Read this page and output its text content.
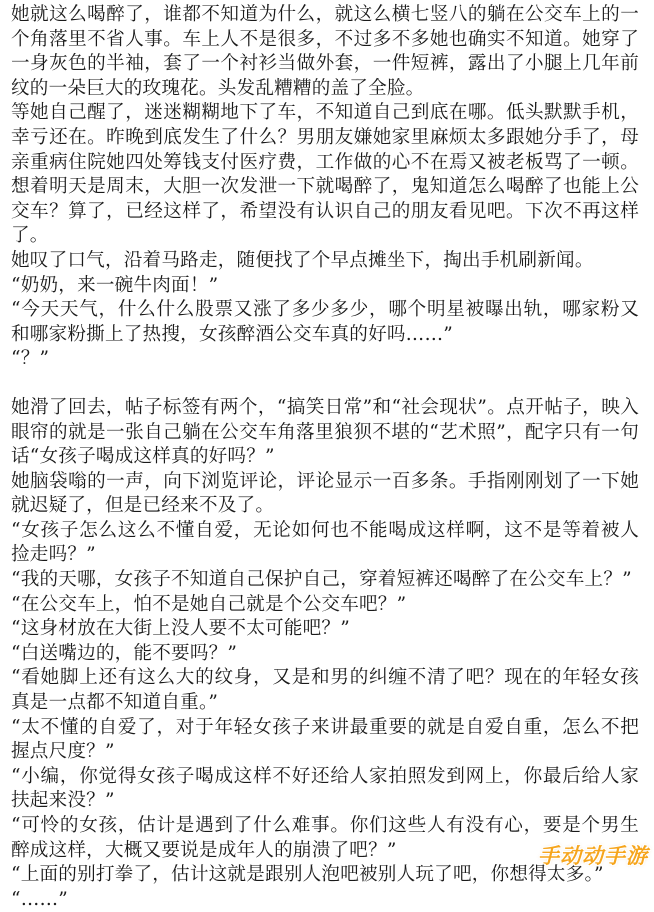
她就这么喝醉了，谁都不知道为什么，就这么横七竖八的躺在公交车上的一个角落里不省人事。车上人不是很多，不过多不多她也确实不知道。她穿了一身灰色的半袖，套了一个衬衫当做外套，一件短裤，露出了小腿上几年前纹的一朵巨大的玫瑰花。头发乱糟糟的盖了全脸。

等她自己醒了，迷迷糊糊地下了车，不知道自己到底在哪。低头默默手机，幸亏还在。昨晚到底发生了什么？男朋友嫌她家里麻烦太多跟她分手了，母亲重病住院她四处筹钱支付医疗费，工作做的心不在焉又被老板骂了一顿。想着明天是周末，大胆一次发泄一下就喝醉了，鬼知道怎么喝醉了也能上公交车？算了，已经这样了，希望没有认识自己的朋友看见吧。下次不再这样了。

她叹了口气，沿着马路走，随便找了个早点摊坐下，掏出手机刷新闻。

“奶奶，来一碗牛肉面！”

“今天天气，什么什么股票又涨了多少多少，哪个明星被曝出轨，哪家粉又和哪家粉撕上了热搜，女孩醉酒公交车真的好吗……”

“？”

她滑了回去，帖子标签有两个，“搞笑日常”和“社会现状”。点开帖子，映入眼帘的就是一张自己躺在公交车角落里狼狈不堪的“艺术照”，配字只有一句话“女孩子喝成这样真的好吗？”

她脑袋嗡的一声，向下浏览评论，评论显示一百多条。手指刚刚划了一下她就迟疑了，但是已经来不及了。

“女孩子怎么这么不懂自爱，无论如何也不能喝成这样啊，这不是等着被人捡走吗？”

“我的天哪，女孩子不知道自己保护自己，穿着短裤还喝醉了在公交车上？”

“在公交车上，怕不是她自己就是个公交车吧？”

“这身材放在大街上没人要不太可能吧？”

“白送嘴边的，能不要吗？”

“看她脚上还有这么大的纹身，又是和男的纠缠不清了吧？现在的年轻女孩真是一点都不知道自重。”

“太不懂的自爱了，对于年轻女孩子来讲最重要的就是自爱自重，怎么不把握点尺度？”

“小编，你觉得女孩子喝成这样不好还给人家拍照发到网上，你最后给人家扶起来没？”

“可怜的女孩，估计是遇到了什么难事。你们这些人有没有心，要是个男生醉成这样，大概又要说是成年人的崩溃了吧？”

“上面的别打拳了，估计这就是跟别人泡吧被别人玩了吧，你想得太多。”

“……”

手动动手游
